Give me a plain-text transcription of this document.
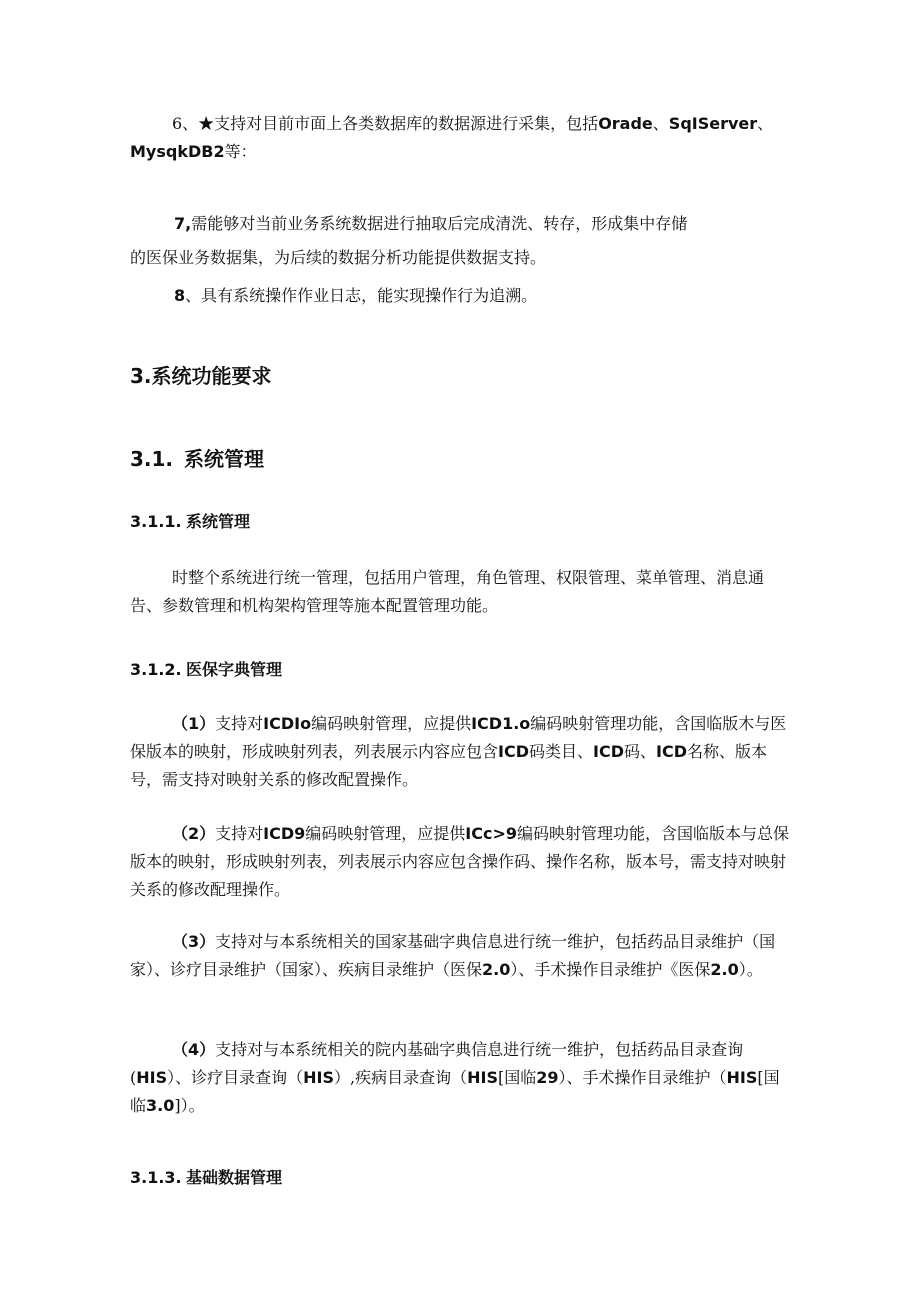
6、★支持对目前市面上各类数据库的数据源进行采集，包括Orade、SqIServer、MysqkDB2等：

7,需能够对当前业务系统数据进行抽取后完成清洗、转存，形成集中存储

的医保业务数据集，为后续的数据分析功能提供数据支持。

8、具有系统操作作业日志，能实现操作行为追溯。

3.系统功能要求
3.1. 系统管理
3.1.1. 系统管理

时整个系统进行统一管理，包括用户管理，角色管理、权限管理、菜单管理、消息通告、参数管理和机构架构管理等施本配置管理功能。

3.1.2. 医保字典管理

（1）支持对ICDIo编码映射管理，应提供ICD1.o编码映射管理功能，含国临版木与医保版本的映射，形成映射列表，列表展示内容应包含ICD码类目、ICD码、ICD名称、版本号，需支持对映射关系的修改配置操作。

（2）支持对ICD9编码映射管理，应提供ICc>9编码映射管理功能，含国临版本与总保版本的映射，形成映射列表，列表展示内容应包含操作码、操作名称，版本号，需支持对映射关系的修改配理操作。

（3）支持对与本系统相关的国家基础字典信息进行统一维护，包括药品目录维护（国家）、诊疗目录维护（国家）、疾病目录维护（医保2.0）、手术操作目录维护《医保2.0）。

（4）支持对与本系统相关的院内基础字典信息进行统一维护，包括药品目录查询(HIS）、诊疗目录查询（HIS）,疾病目录查询（HIS[国临29）、手术操作目录维护（HIS[国临3.0]）。

3.1.3. 基础数据管理
